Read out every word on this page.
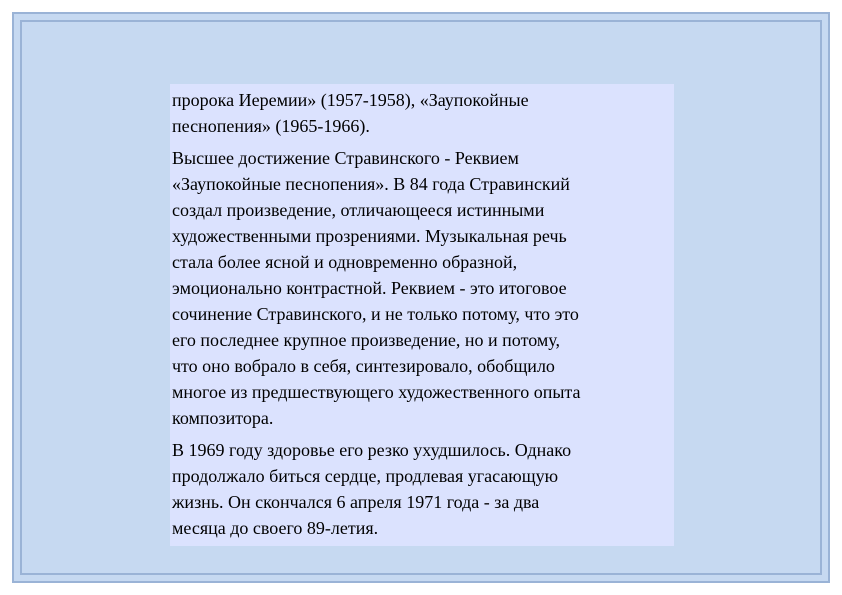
пророка Иеремии» (1957-1958), «Заупокойные
песнопения» (1965-1966).

Высшее достижение Стравинского - Реквием
«Заупокойные песнопения». В 84 года Стравинский
создал произведение, отличающееся истинными
художественными прозрениями. Музыкальная речь
стала более ясной и одновременно образной,
эмоционально контрастной. Реквием - это итоговое
сочинение Стравинского, и не только потому, что это
его последнее крупное произведение, но и потому,
что оно вобрало в себя, синтезировало, обобщило
многое из предшествующего художественного опыта
композитора.

В 1969 году здоровье его резко ухудшилось. Однако
продолжало биться сердце, продлевая угасающую
жизнь. Он скончался 6 апреля 1971 года - за два
месяца до своего 89-летия.
